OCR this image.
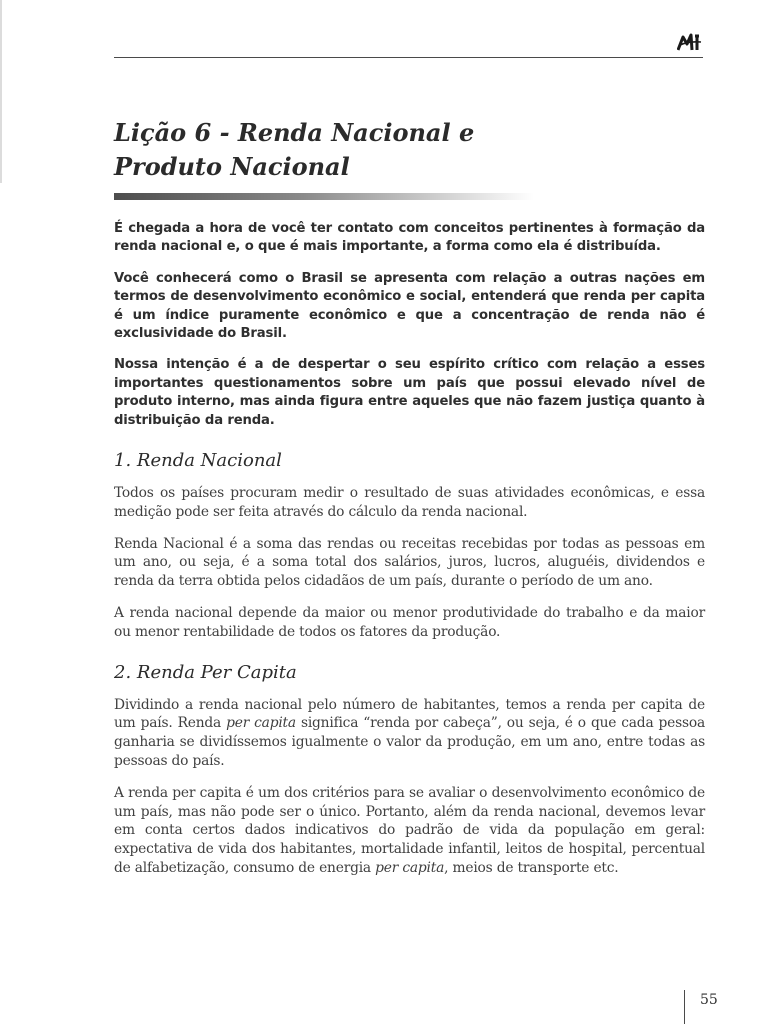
Lição 6 - Renda Nacional e
Produto Nacional

É chegada a hora de você ter contato com conceitos pertinentes à formação da renda nacional e, o que é mais importante, a forma como ela é distribuída.

Você conhecerá como o Brasil se apresenta com relação a outras nações em termos de desenvolvimento econômico e social, entenderá que renda per capita é um índice puramente econômico e que a concentração de renda não é exclusividade do Brasil.

Nossa intenção é a de despertar o seu espírito crítico com relação a esses importantes questionamentos sobre um país que possui elevado nível de produto interno, mas ainda figura entre aqueles que não fazem justiça quanto à distribuição da renda.

1. Renda Nacional

Todos os países procuram medir o resultado de suas atividades econômicas, e essa medição pode ser feita através do cálculo da renda nacional.

Renda Nacional é a soma das rendas ou receitas recebidas por todas as pessoas em um ano, ou seja, é a soma total dos salários, juros, lucros, aluguéis, dividendos e renda da terra obtida pelos cidadãos de um país, durante o período de um ano.

A renda nacional depende da maior ou menor produtividade do trabalho e da maior ou menor rentabilidade de todos os fatores da produção.

2. Renda Per Capita

Dividindo a renda nacional pelo número de habitantes, temos a renda per capita de um país. Renda per capita significa “renda por cabeça”, ou seja, é o que cada pessoa ganharia se dividíssemos igualmente o valor da produção, em um ano, entre todas as pessoas do país.

A renda per capita é um dos critérios para se avaliar o desenvolvimento econômico de um país, mas não pode ser o único. Portanto, além da renda nacional, devemos levar em conta certos dados indicativos do padrão de vida da população em geral: expectativa de vida dos habitantes, mortalidade infantil, leitos de hospital, percentual de alfabetização, consumo de energia per capita, meios de transporte etc.

55
